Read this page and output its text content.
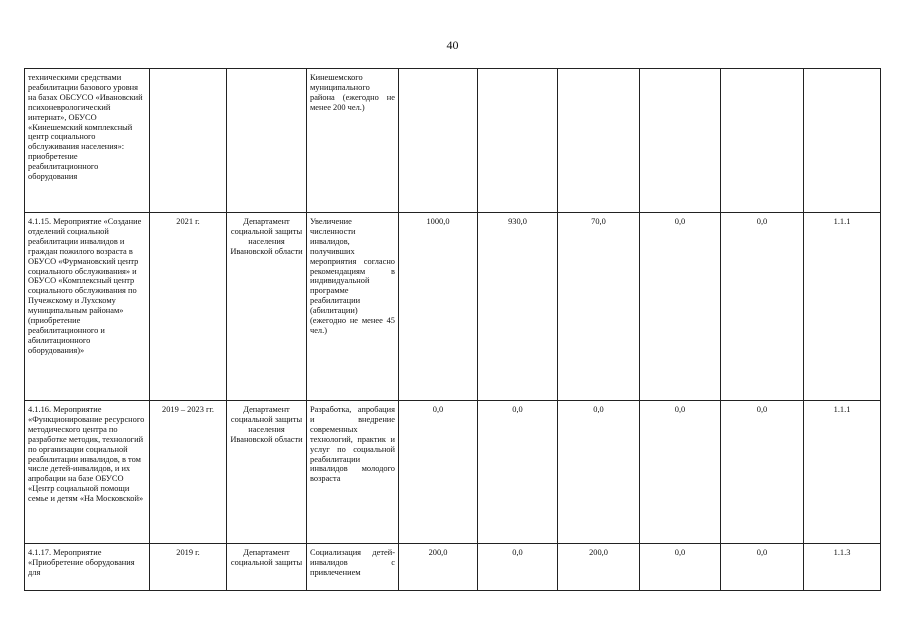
40
техническими средствами реабилитации базового уровня на базах ОБСУСО «Ивановский психоневрологический интернат», ОБУСО «Кинешемский комплексный центр социального обслуживания населения»: приобретение реабилитационного оборудования			Кинешемского муниципального района (ежегодно не менее 200 чел.)						
4.1.15. Мероприятие «Создание отделений социальной реабилитации инвалидов и граждан пожилого возраста в ОБУСО «Фурмановский центр социального обслуживания» и ОБУСО «Комплексный центр социального обслуживания по Пучежскому и Лухскому муниципальным районам» (приобретение реабилитационного и абилитационного оборудования)»	2021 г.	Департамент социальной защиты населения Ивановской области	Увеличение численности инвалидов, получивших мероприятия согласно рекомендациям в индивидуальной программе реабилитации (абилитации) (ежегодно не менее 45 чел.)	1000,0	930,0	70,0	0,0	0,0	1.1.1
4.1.16. Мероприятие «Функционирование ресурсного методического центра по разработке методик, технологий по организации социальной реабилитации инвалидов, в том числе детей-инвалидов, и их апробации на базе ОБУСО «Центр социальной помощи семье и детям «На Московской»	2019 – 2023 гг.	Департамент социальной защиты населения Ивановской области	Разработка, апробация и внедрение современных технологий, практик и услуг по социальной реабилитации инвалидов молодого возраста	0,0	0,0	0,0	0,0	0,0	1.1.1
4.1.17. Мероприятие «Приобретение оборудования для	2019 г.	Департамент социальной защиты	Социализация детей-инвалидов с привлечением	200,0	0,0	200,0	0,0	0,0	1.1.3
